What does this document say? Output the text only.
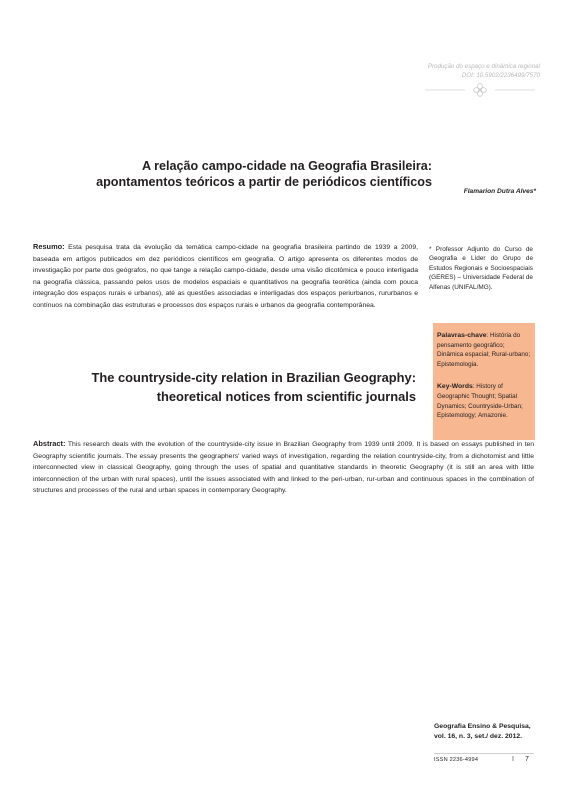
Produção do espaço e dinâmica regional
DOI: 10.5902/2236499/7570
A relação campo-cidade na Geografia Brasileira:
apontamentos teóricos a partir de periódicos científicos
Flamarion Dutra Alves*
Resumo: Esta pesquisa trata da evolução da temática campo-cidade na geografia brasileira partindo de 1939 a 2009, baseada em artigos publicados em dez periódicos científicos em geografia. O artigo apresenta os diferentes modos de investigação por parte dos geógrafos, no que tange a relação campo-cidade, desde uma visão dicotômica e pouco interligada na geografia clássica, passando pelos usos de modelos espaciais e quantitativos na geografia teorética (ainda com pouca integração dos espaços rurais e urbanos), até as questões associadas e interligadas dos espaços periurbanos, rururbanos e contínuos na combinação das estruturas e processos dos espaços rurais e urbanos da geografia contemporânea.
* Professor Adjunto do Curso de Geografia e Líder do Grupo de Estudos Regionais e Socioespaciais (GERES) – Universidade Federal de Alfenas (UNIFAL/MG).
Palavras-chave: História do pensamento geográfico; Dinâmica espacial; Rural-urbano; Epistemologia.
Key-Words: History of Geographic Thought; Spatial Dynamics; Countryside-Urban; Epistemology; Amazonie.
The countryside-city relation in Brazilian Geography:
theoretical notices from scientific journals
Abstract: This research deals with the evolution of the countryside-city issue in Brazilian Geography from 1939 until 2009. It is based on essays published in ten Geography scientific journals. The essay presents the geographers' varied ways of investigation, regarding the relation countryside-city, from a dichotomist and little interconnected view in classical Geography, going through the uses of spatial and quantitative standards in theoretic Geography (it is still an area with little interconnection of the urban with rural spaces), until the issues associated with and linked to the peri-urban, rur-urban and continuous spaces in the combination of structures and processes of the rural and urban spaces in contemporary Geography.
Geografia Ensino & Pesquisa,
vol. 16, n. 3, set./ dez. 2012.
ISSN 2236-4994	I 7
